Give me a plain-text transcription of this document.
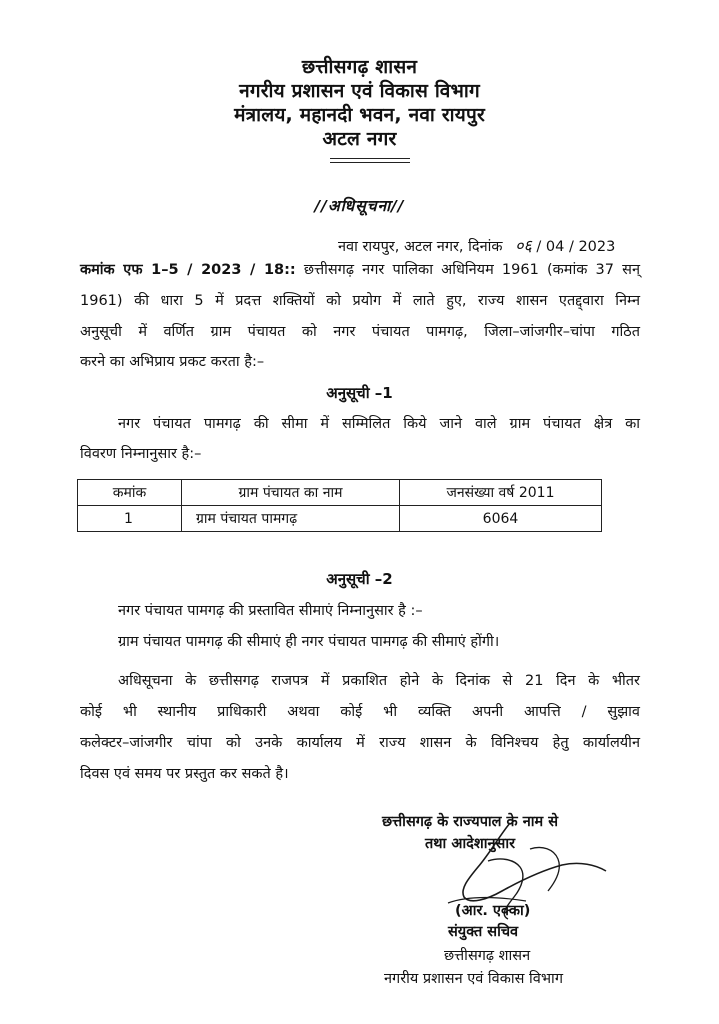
छत्तीसगढ़ शासन
नगरीय प्रशासन एवं विकास विभाग
मंत्रालय, महानदी भवन, नवा रायपुर
अटल नगर
//अधिसूचना//
नवा रायपुर, अटल नगर, दिनांक ०६ / 04 / 2023
कमांक एफ 1–5 / 2023 / 18:: छत्तीसगढ़ नगर पालिका अधिनियम 1961 (कमांक 37 सन्
1961) की धारा 5 में प्रदत्त शक्तियों को प्रयोग में लाते हुए, राज्य शासन एतद्द्वारा निम्न
अनुसूची में वर्णित ग्राम पंचायत को नगर पंचायत पामगढ़, जिला–जांजगीर–चांपा गठित
करने का अभिप्राय प्रकट करता है:–
अनुसूची –1
नगर पंचायत पामगढ़ की सीमा में सम्मिलित किये जाने वाले ग्राम पंचायत क्षेत्र का
विवरण निम्नानुसार है:–
कमांक	ग्राम पंचायत का नाम	जनसंख्या वर्ष 2011
1	ग्राम पंचायत पामगढ़	6064
अनुसूची –2
नगर पंचायत पामगढ़ की प्रस्तावित सीमाएं निम्नानुसार है :–
ग्राम पंचायत पामगढ़ की सीमाएं ही नगर पंचायत पामगढ़ की सीमाएं होंगी।
अधिसूचना के छत्तीसगढ़ राजपत्र में प्रकाशित होने के दिनांक से 21 दिन के भीतर
कोई भी स्थानीय प्राधिकारी अथवा कोई भी व्यक्ति अपनी आपत्ति / सुझाव
कलेक्टर–जांजगीर चांपा को उनके कार्यालय में राज्य शासन के विनिश्चय हेतु कार्यालयीन
दिवस एवं समय पर प्रस्तुत कर सकते है।
छत्तीसगढ़ के राज्यपाल के नाम से
तथा आदेशानुसार
(आर. एक्का)
संयुक्त सचिव
छत्तीसगढ़ शासन
नगरीय प्रशासन एवं विकास विभाग
